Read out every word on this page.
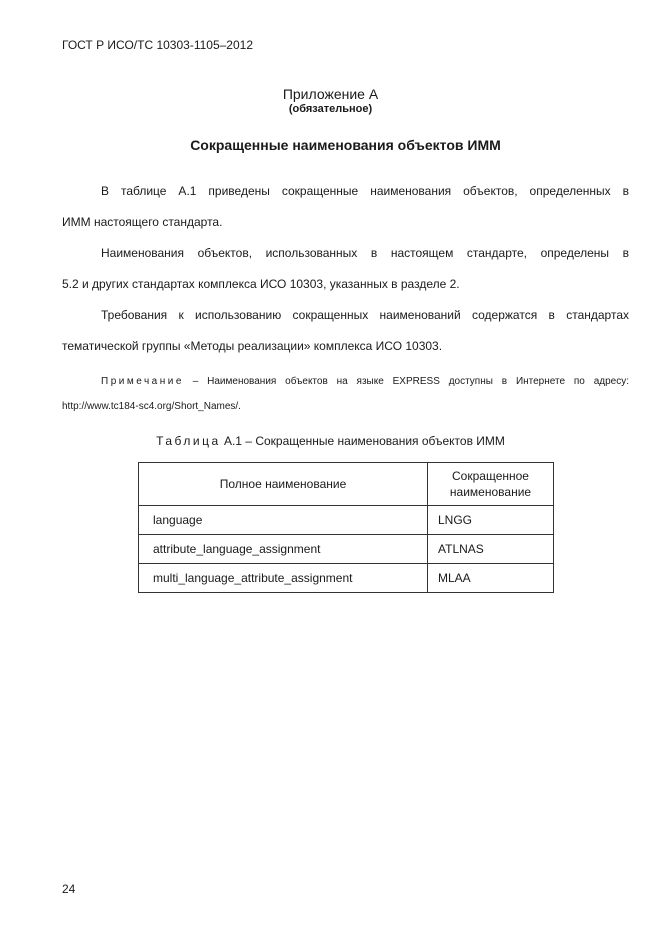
ГОСТ Р ИСО/ТС 10303-1105–2012
Приложение А
(обязательное)
Сокращенные наименования объектов ИММ
В таблице А.1 приведены сокращенные наименования объектов, определенных в
ИММ настоящего стандарта.
Наименования объектов, использованных в настоящем стандарте, определены в
5.2 и других стандартах комплекса ИСО 10303, указанных в разделе 2.
Требования к использованию сокращенных наименований содержатся в стандартах
тематической группы «Методы реализации» комплекса ИСО 10303.
Примечание – Наименования объектов на языке EXPRESS доступны в Интернете по адресу:
http://www.tc184-sc4.org/Short_Names/.
Таблица А.1 – Сокращенные наименования объектов ИММ
Полное наименование	Сокращенное наименование
language	LNGG
attribute_language_assignment	ATLNAS
multi_language_attribute_assignment	MLAA
24
